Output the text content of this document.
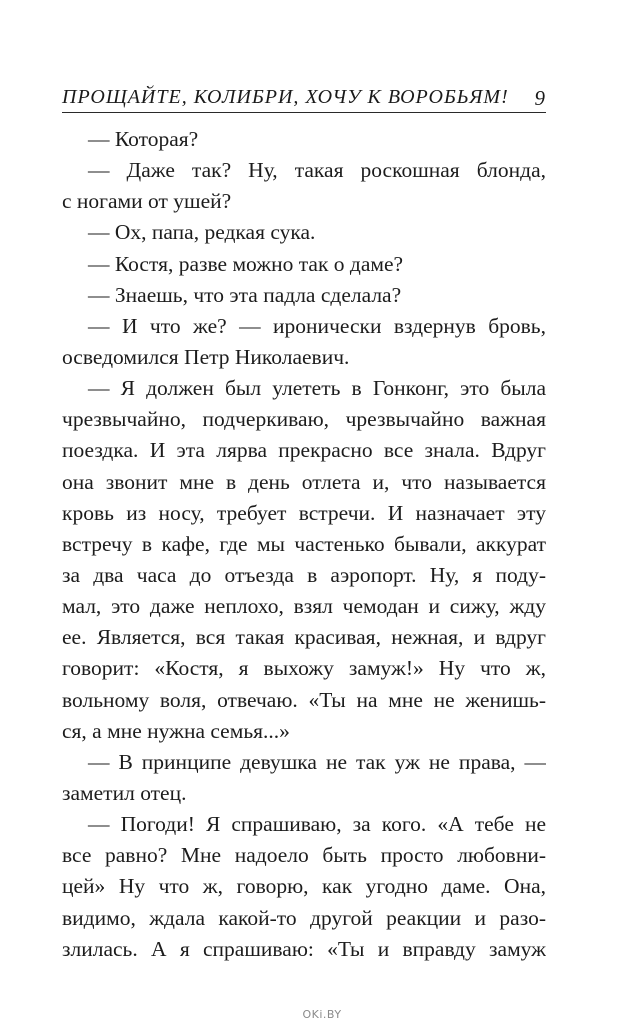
ПРОЩАЙТЕ, КОЛИБРИ, ХОЧУ К ВОРОБЬЯМ! 9
— Которая?
— Даже так? Ну, такая роскошная блонда,
с ногами от ушей?
— Ох, папа, редкая сука.
— Костя, разве можно так о даме?
— Знаешь, что эта падла сделала?
— И что же? — иронически вздернув бровь,
осведомился Петр Николаевич.
— Я должен был улететь в Гонконг, это была
чрезвычайно, подчеркиваю, чрезвычайно важная
поездка. И эта лярва прекрасно все знала. Вдруг
она звонит мне в день отлета и, что называется
кровь из носу, требует встречи. И назначает эту
встречу в кафе, где мы частенько бывали, аккурат
за два часа до отъезда в аэропорт. Ну, я поду-
мал, это даже неплохо, взял чемодан и сижу, жду
ее. Является, вся такая красивая, нежная, и вдруг
говорит: «Костя, я выхожу замуж!» Ну что ж,
вольному воля, отвечаю. «Ты на мне не женишь-
ся, а мне нужна семья...»
— В принципе девушка не так уж не права, —
заметил отец.
— Погоди! Я спрашиваю, за кого. «А тебе не
все равно? Мне надоело быть просто любовни-
цей» Ну что ж, говорю, как угодно даме. Она,
видимо, ждала какой-то другой реакции и разо-
злилась. А я спрашиваю: «Ты и вправду замуж
OKi.BY
